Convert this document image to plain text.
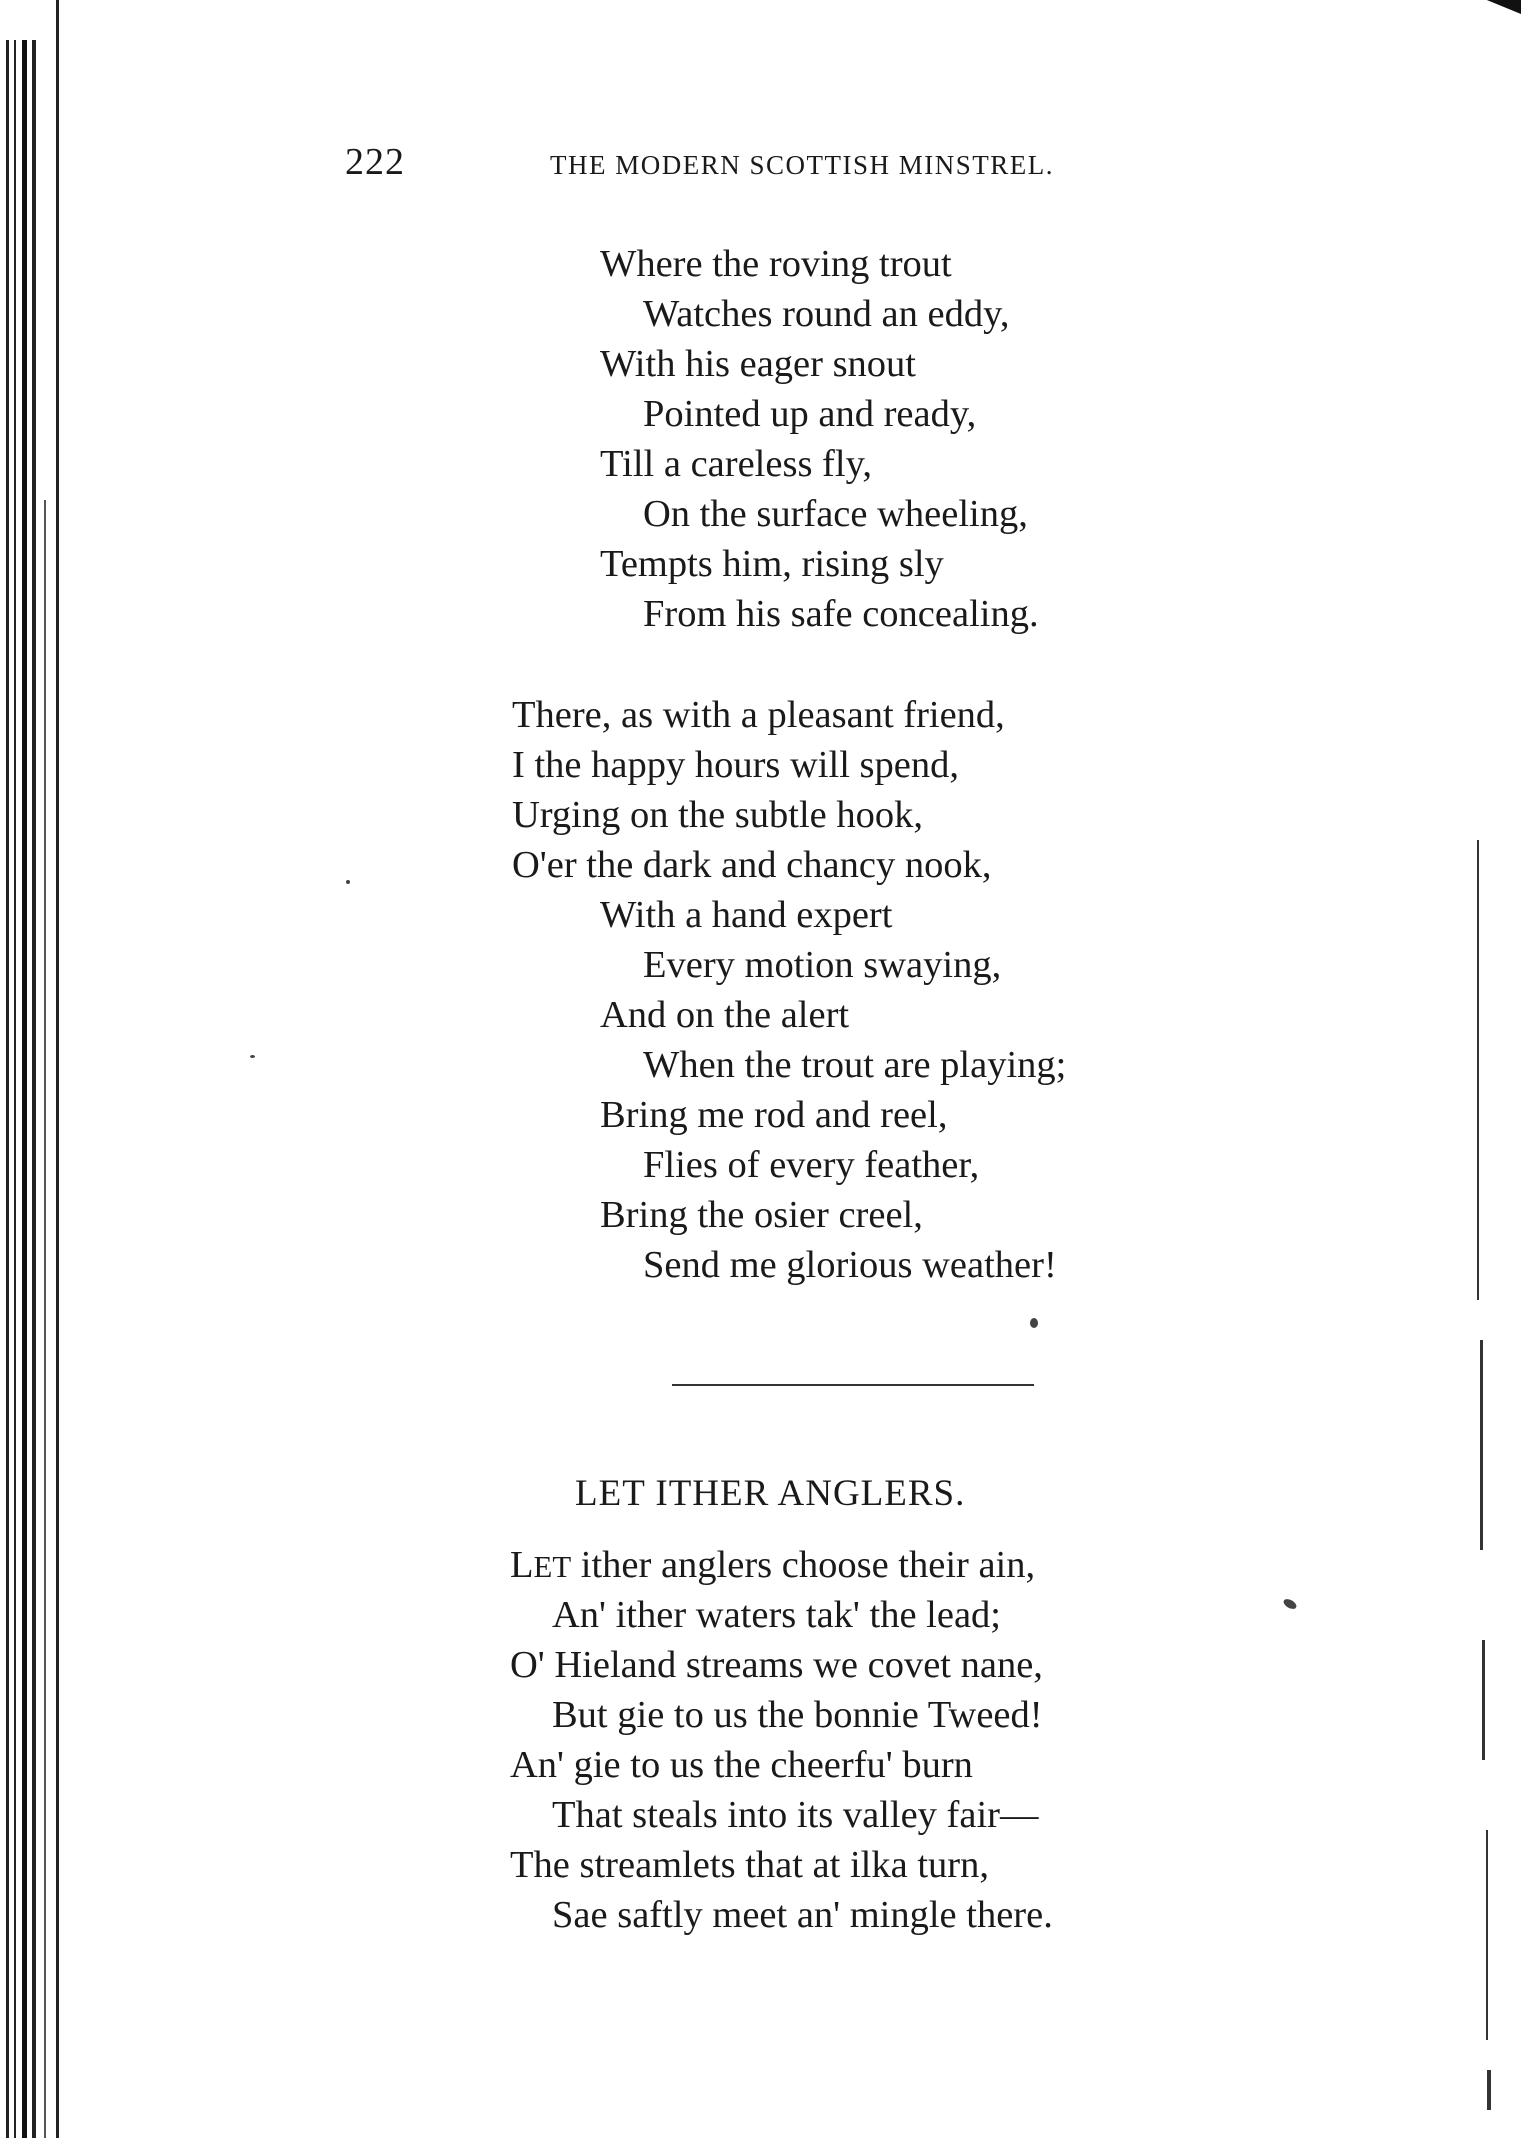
222	THE MODERN SCOTTISH MINSTREL.
Where the roving trout
Watches round an eddy,
With his eager snout
Pointed up and ready,
Till a careless fly,
On the surface wheeling,
Tempts him, rising sly
From his safe concealing.
There, as with a pleasant friend,
I the happy hours will spend,
Urging on the subtle hook,
O'er the dark and chancy nook,
With a hand expert
Every motion swaying,
And on the alert
When the trout are playing;
Bring me rod and reel,
Flies of every feather,
Bring the osier creel,
Send me glorious weather!
LET ITHER ANGLERS.
LET ither anglers choose their ain,
An' ither waters tak' the lead;
O' Hieland streams we covet nane,
But gie to us the bonnie Tweed!
An' gie to us the cheerfu' burn
That steals into its valley fair—
The streamlets that at ilka turn,
Sae saftly meet an' mingle there.
